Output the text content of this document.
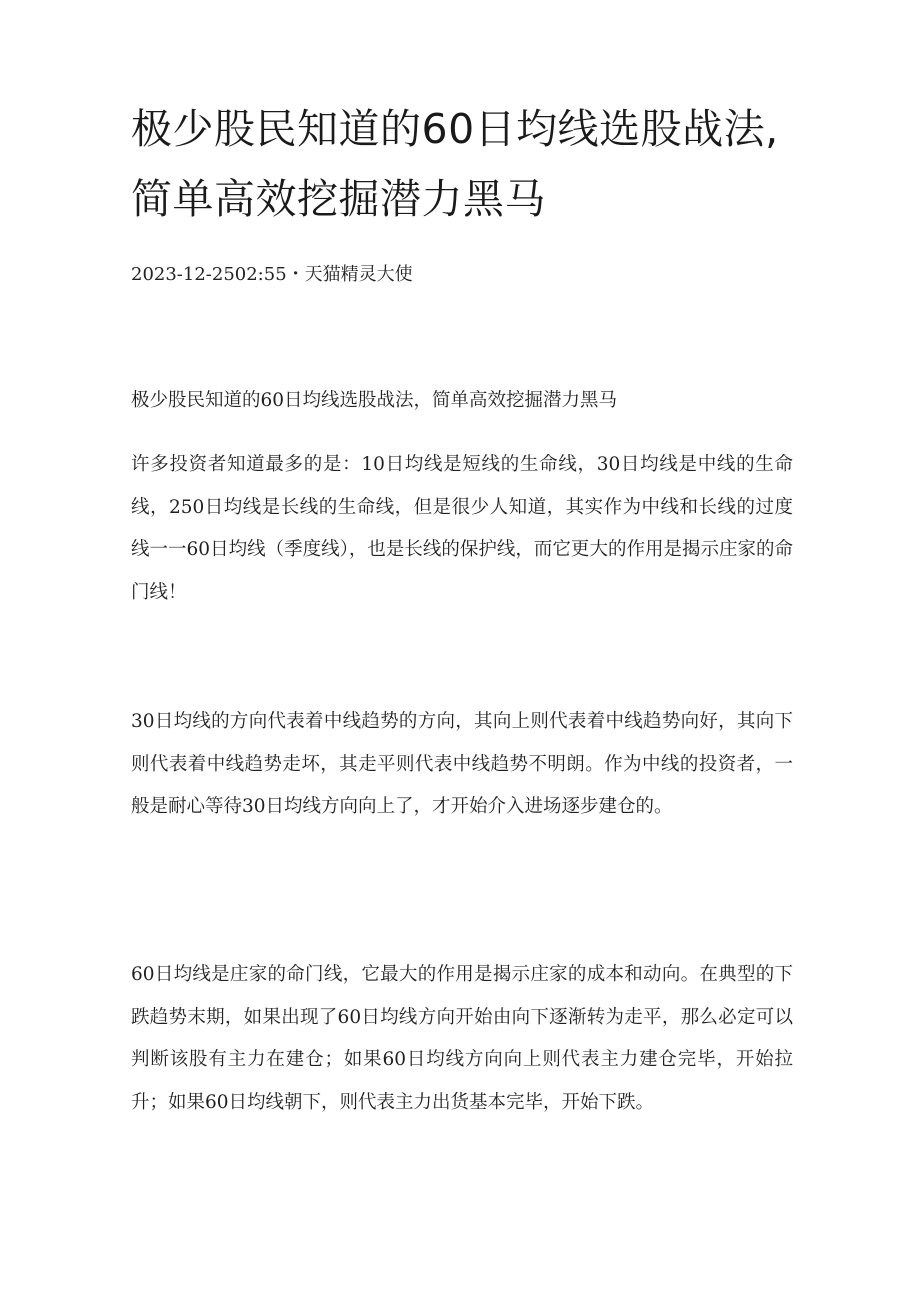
极少股民知道的60日均线选股战法,简单高效挖掘潜力黑马
2023-12-2502:55・天猫精灵大使

极少股民知道的60日均线选股战法，简单高效挖掘潜力黑马

许多投资者知道最多的是：10日均线是短线的生命线，30日均线是中线的生命线，250日均线是长线的生命线，但是很少人知道，其实作为中线和长线的过度线一一60日均线（季度线），也是长线的保护线，而它更大的作用是揭示庄家的命门线！

30日均线的方向代表着中线趋势的方向，其向上则代表着中线趋势向好，其向下则代表着中线趋势走坏，其走平则代表中线趋势不明朗。作为中线的投资者，一般是耐心等待30日均线方向向上了，才开始介入进场逐步建仓的。

60日均线是庄家的命门线，它最大的作用是揭示庄家的成本和动向。在典型的下跌趋势末期，如果出现了60日均线方向开始由向下逐渐转为走平，那么必定可以判断该股有主力在建仓；如果60日均线方向向上则代表主力建仓完毕，开始拉升；如果60日均线朝下，则代表主力出货基本完毕，开始下跌。
